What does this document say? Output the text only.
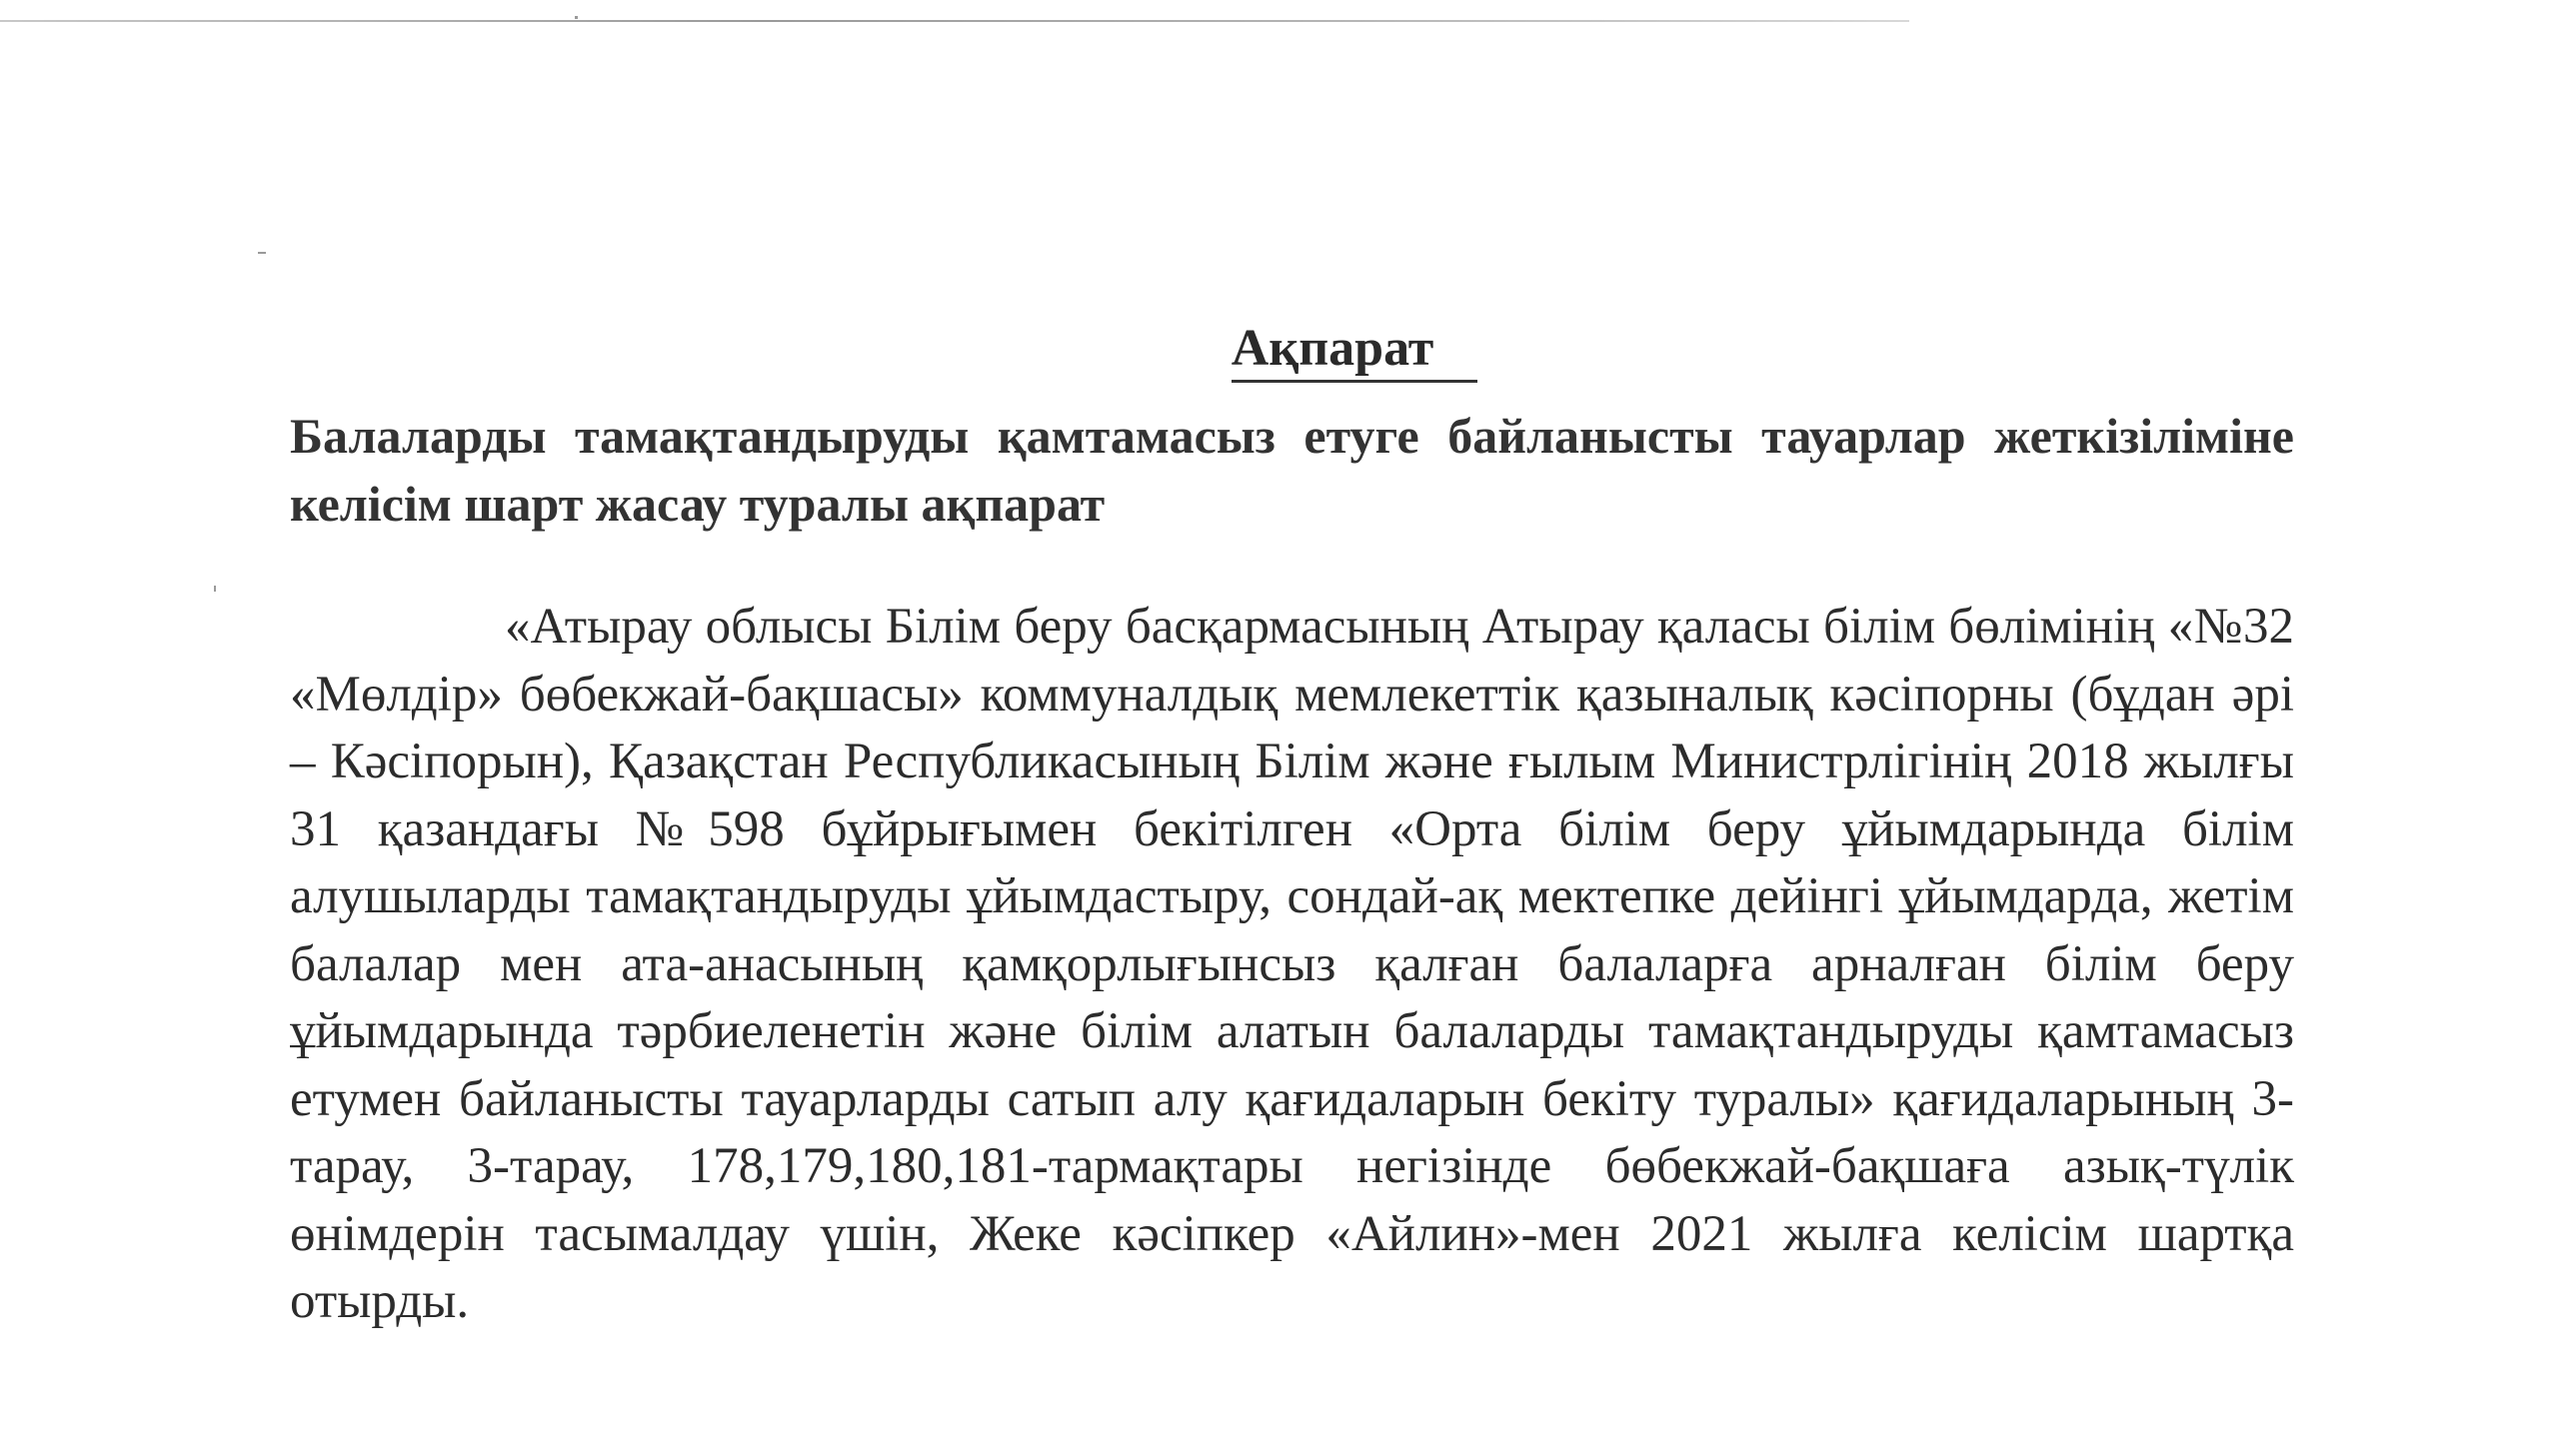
Ақпарат
Балаларды тамақтандыруды қамтамасыз етуге байланысты тауарлар жеткізіліміне келісім шарт жасау туралы ақпарат

«Атырау облысы Білім беру басқармасының Атырау қаласы білім бөлімінің «№32 «Мөлдір» бөбекжай-бақшасы» коммуналдық мемлекеттік қазыналық кәсіпорны (бұдан әрі – Кәсіпорын), Қазақстан Республикасының Білім және ғылым Министрлігінің 2018 жылғы 31 қазандағы №598 бұйрығымен бекітілген «Орта білім беру ұйымдарында білім алушыларды тамақтандыруды ұйымдастыру, сондай-ақ мектепке дейінгі ұйымдарда, жетім балалар мен ата-анасының қамқорлығынсыз қалған балаларға арналған білім беру ұйымдарында тәрбиеленетін және білім алатын балаларды тамақтандыруды қамтамасыз етумен байланысты тауарларды сатып алу қағидаларын бекіту туралы» қағидаларының 3-тарау, 3-тарау, 178,179,180,181-тармақтары негізінде бөбекжай-бақшаға азық-түлік өнімдерін тасымалдау үшін, Жеке кәсіпкер «Айлин»-мен 2021 жылға келісім шартқа отырды.
